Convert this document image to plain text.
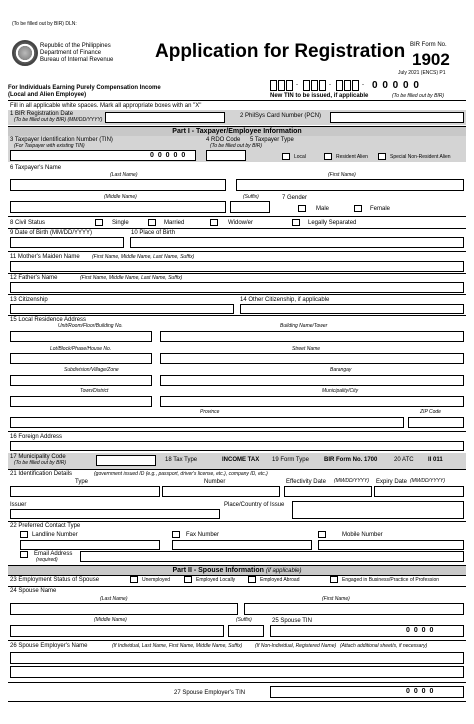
(To be filled out by BIR) DLN:
Republic of the Philippines
Department of Finance
Bureau of Internal Revenue Application for Registration BIR Form No.
1902
July 2021 (ENCS) P1
For Individuals Earning Purely Compensation Income
(Local and Alien Employee)	New TIN to be issued, if applicable	(To be filled out by BIR)
-	-	- 0 0 0 0 0
Fill in all applicable white spaces. Mark all appropriate boxes with an "X"
1 BIR Registration Date
(To be filled out by BIR) (MM/DD/YYYY)
2 PhilSys Card Number (PCN)
Part I - Taxpayer/Employee Information
3 Taxpayer Identification Number (TIN)
(For Taxpayer with existing TIN)
0 0 0 0 0
4 RDO Code
(To be filled out by BIR)
5 Taxpayer Type
Local	Resident Alien	Special Non-Resident Alien
6 Taxpayer's Name
(Last Name)	(First Name)
(Middle Name)	(Suffix)	7 Gender
Male	Female
8 Civil Status	Single	Married	Widow/er	Legally Separated
9 Date of Birth (MM/DD/YYYY)	10 Place of Birth
11 Mother's Maiden Name (First Name, Middle Name, Last Name, Suffix)
12 Father's Name	(First Name, Middle Name, Last Name, Suffix)
13 Citizenship	14 Other Citizenship, if applicable
15 Local Residence Address
Unit/Room/Floor/Building No.	Building Name/Tower
Lot/Block/Phase/House No.	Street Name
Subdivision/Village/Zone	Barangay
Town/District	Municipality/City
Province	ZIP Code
16 Foreign Address
17 Municipality Code
(To be filled out by BIR)	18 Tax Type	INCOME TAX 19 Form Type	BIR Form No. 1700	20 ATC II 011
21 Identification Details	(government issued ID (e.g., passport, driver's license, etc.), company ID, etc.)
Type	Number	Effectivity Date (MM/DD/YYYY) Expiry Date (MM/DD/YYYY)
Issuer	Place/Country of Issue
22 Preferred Contact Type
Landline Number	Fax Number	Mobile Number
Email Address
(required)
Part II - Spouse Information (if applicable)
23 Employment Status of Spouse	Unemployed	Employed Locally	Employed Abroad	Engaged in Business/Practice of Profession
24 Spouse Name
(Last Name)	(First Name)
(Middle Name)	(Suffix)	25 Spouse TIN
0 0 0 0
26 Spouse Employer's Name	(If Individual, Last Name, First Name, Middle Name, Suffix)	(If Non-Individual, Registered Name) (Attach additional sheet/s, if necessary)
27 Spouse Employer's TIN	0 0 0 0
